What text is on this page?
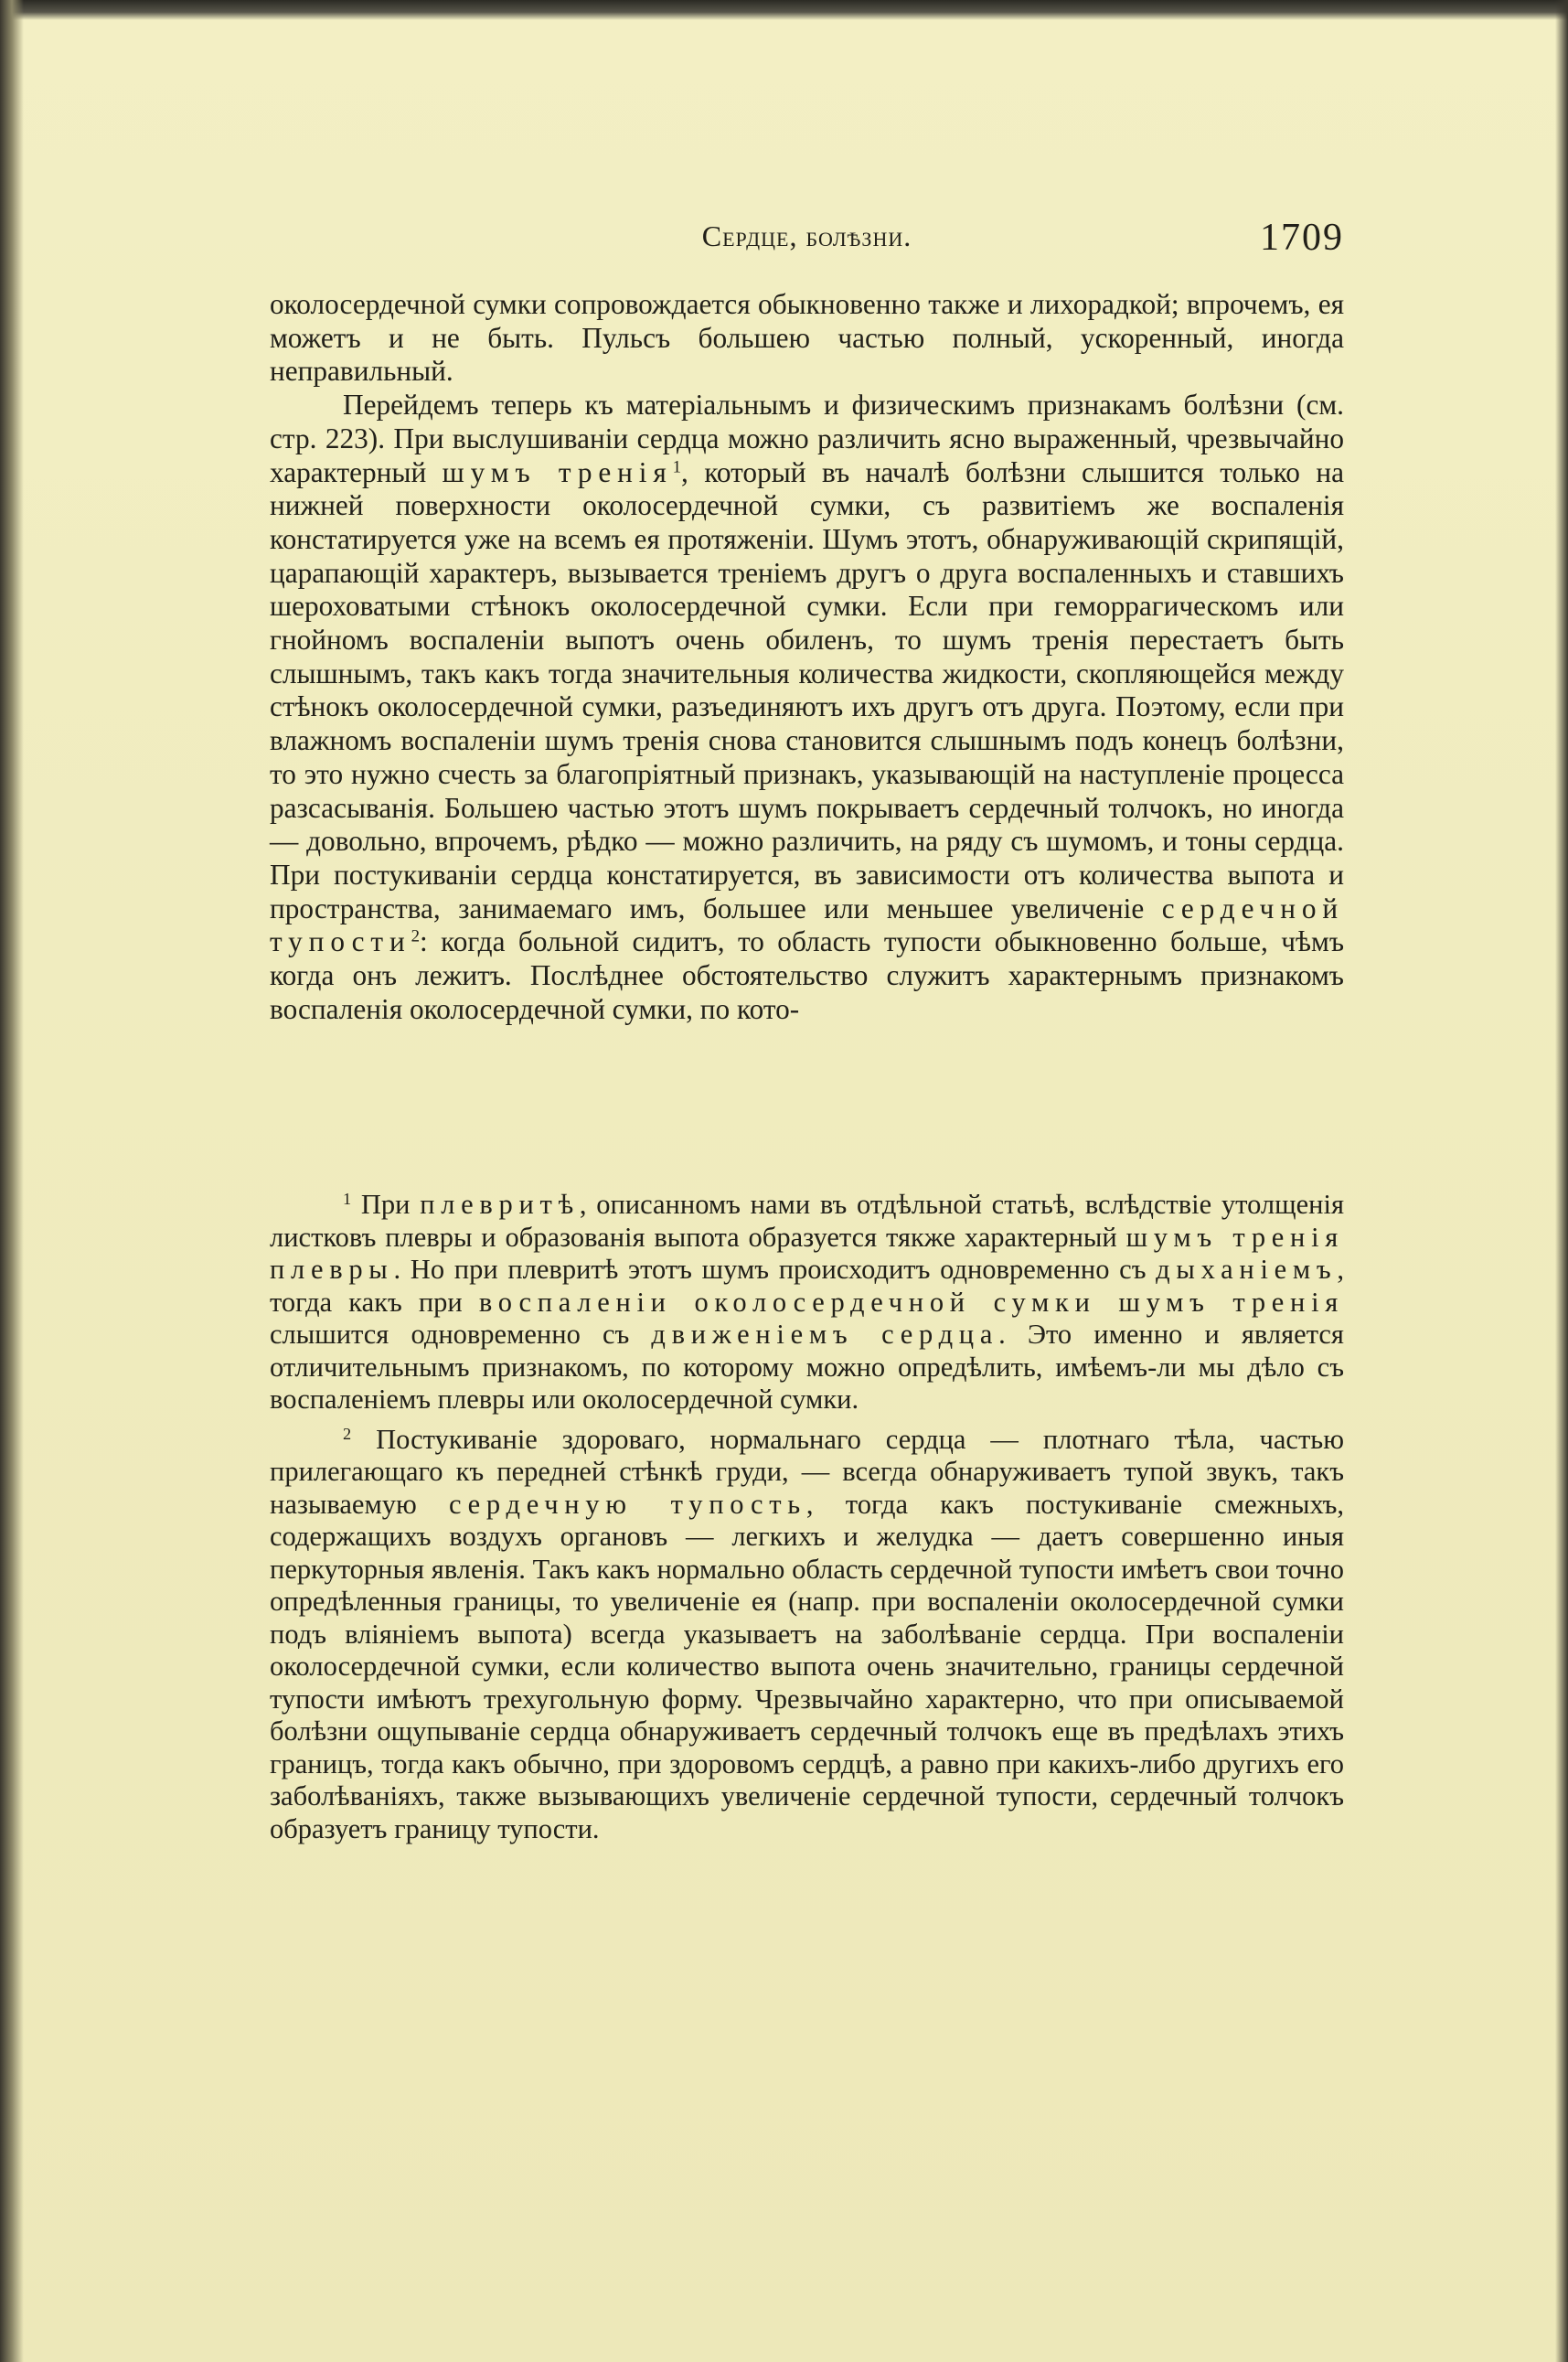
Сердце, болѣзни.	1709

околосердечной сумки сопровождается обыкновенно также и лихорадкой; впрочемъ, ея можетъ и не быть. Пульсъ большею частью полный, ускоренный, иногда неправильный.

Перейдемъ теперь къ матеріальнымъ и физическимъ признакамъ болѣзни (см. стр. 223). При выслушиваніи сердца можно различить ясно выраженный, чрезвычайно характерный шумъ тренія$^1$, который въ началѣ болѣзни слышится только на нижней поверхности околосердечной сумки, съ развитіемъ же воспаленія констатируется уже на всемъ ея протяженіи. Шумъ этотъ, обнаруживающій скрипящій, царапающій характеръ, вызывается треніемъ другъ о друга воспаленныхъ и ставшихъ шероховатыми стѣнокъ околосердечной сумки. Если при геморрагическомъ или гнойномъ воспаленіи выпотъ очень обиленъ, то шумъ тренія перестаетъ быть слышнымъ, такъ какъ тогда значительныя количества жидкости, скопляющейся между стѣнокъ околосердечной сумки, разъединяютъ ихъ другъ отъ друга. Поэтому, если при влажномъ воспаленіи шумъ тренія снова становится слышнымъ подъ конецъ болѣзни, то это нужно счесть за благопріятный признакъ, указывающій на наступленіе процесса разсасыванія. Большею частью этотъ шумъ покрываетъ сердечный толчокъ, но иногда — довольно, впрочемъ, рѣдко — можно различить, на ряду съ шумомъ, и тоны сердца. При постукиваніи сердца констатируется, въ зависимости отъ количества выпота и пространства, занимаемаго имъ, большее или меньшее увеличеніе сердечной тупости$^2$: когда больной сидитъ, то область тупости обыкновенно больше, чѣмъ когда онъ лежитъ. Послѣднее обстоятельство служитъ характернымъ признакомъ воспаленія околосердечной сумки, по кото-

$^1$ При плевритѣ, описанномъ нами въ отдѣльной статьѣ, вслѣдствіе утолщенія листковъ плевры и образованія выпота образуется тякже характерный шумъ тренія плевры. Но при плевритѣ этотъ шумъ происходитъ одновременно съ дыханіемъ, тогда какъ при воспаленіи околосердечной сумки шумъ тренія слышится одновременно съ движеніемъ сердца. Это именно и является отличительнымъ признакомъ, по которому можно опредѣлить, имѣемъ-ли мы дѣло съ воспаленіемъ плевры или околосердечной сумки.

$^2$ Постукиваніе здороваго, нормальнаго сердца — плотнаго тѣла, частью прилегающаго къ передней стѣнкѣ груди, — всегда обнаруживаетъ тупой звукъ, такъ называемую сердечную тупость, тогда какъ постукиваніе смежныхъ, содержащихъ воздухъ органовъ — легкихъ и желудка — даетъ совершенно иныя перкуторныя явленія. Такъ какъ нормально область сердечной тупости имѣетъ свои точно опредѣленныя границы, то увеличеніе ея (напр. при воспаленіи околосердечной сумки подъ вліяніемъ выпота) всегда указываетъ на заболѣваніе сердца. При воспаленіи околосердечной сумки, если количество выпота очень значительно, границы сердечной тупости имѣютъ трехугольную форму. Чрезвычайно характерно, что при описываемой болѣзни ощупываніе сердца обнаруживаетъ сердечный толчокъ еще въ предѣлахъ этихъ границъ, тогда какъ обычно, при здоровомъ сердцѣ, а равно при какихъ-либо другихъ его заболѣваніяхъ, также вызывающихъ увеличеніе сердечной тупости, сердечный толчокъ образуетъ границу тупости.
